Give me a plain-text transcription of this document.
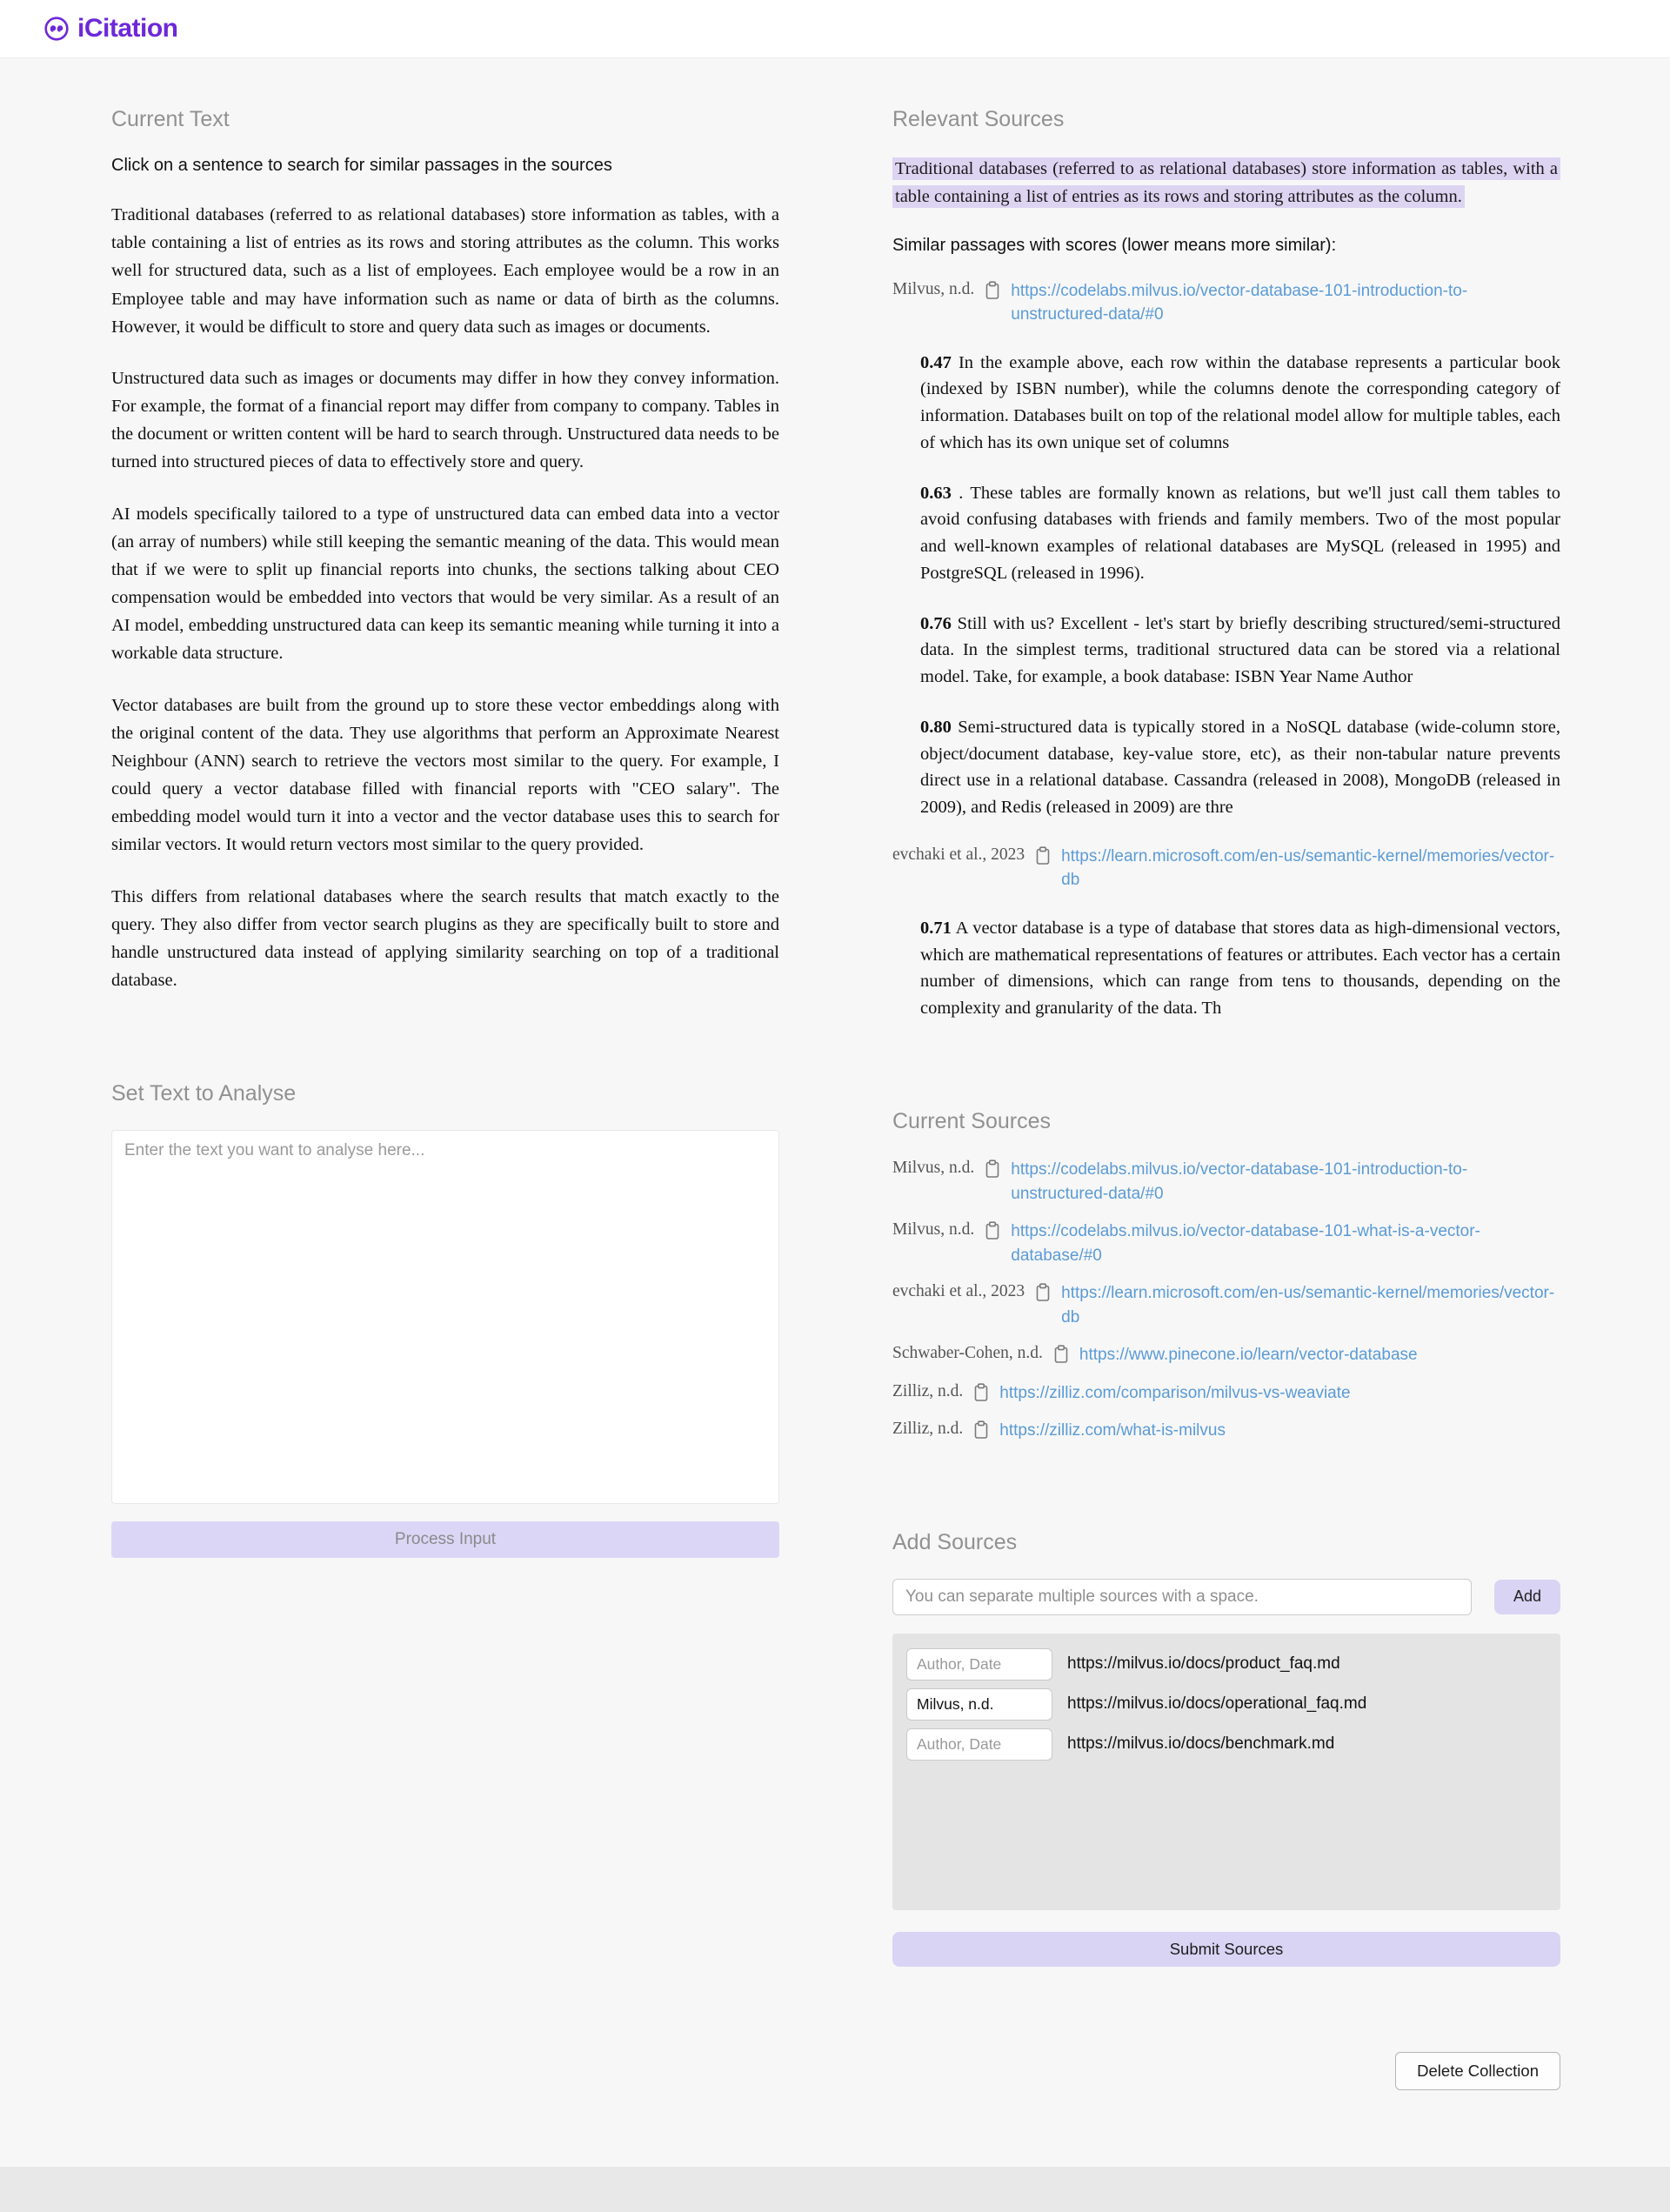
iCitation
Current Text

Click on a sentence to search for similar passages in the sources

Traditional databases (referred to as relational databases) store information as tables, with a table containing a list of entries as its rows and storing attributes as the column. This works well for structured data, such as a list of employees. Each employee would be a row in an Employee table and may have information such as name or data of birth as the columns. However, it would be difficult to store and query data such as images or documents.

Unstructured data such as images or documents may differ in how they convey information. For example, the format of a financial report may differ from company to company. Tables in the document or written content will be hard to search through. Unstructured data needs to be turned into structured pieces of data to effectively store and query.

AI models specifically tailored to a type of unstructured data can embed data into a vector (an array of numbers) while still keeping the semantic meaning of the data. This would mean that if we were to split up financial reports into chunks, the sections talking about CEO compensation would be embedded into vectors that would be very similar. As a result of an AI model, embedding unstructured data can keep its semantic meaning while turning it into a workable data structure.

Vector databases are built from the ground up to store these vector embeddings along with the original content of the data. They use algorithms that perform an Approximate Nearest Neighbour (ANN) search to retrieve the vectors most similar to the query. For example, I could query a vector database filled with financial reports with "CEO salary". The embedding model would turn it into a vector and the vector database uses this to search for similar vectors. It would return vectors most similar to the query provided.

This differs from relational databases where the search results that match exactly to the query. They also differ from vector search plugins as they are specifically built to store and handle unstructured data instead of applying similarity searching on top of a traditional database.

Set Text to Analyse
Enter the text you want to analyse here... Process Input
Relevant Sources

Traditional databases (referred to as relational databases) store information as tables, with a table containing a list of entries as its rows and storing attributes as the column.

Similar passages with scores (lower means more similar):

Milvus, n.d. https://codelabs.milvus.io/vector-database-101-introduction-to-unstructured-data/#0

0.47 In the example above, each row within the database represents a particular book (indexed by ISBN number), while the columns denote the corresponding category of information. Databases built on top of the relational model allow for multiple tables, each of which has its own unique set of columns

0.63 . These tables are formally known as relations, but we'll just call them tables to avoid confusing databases with friends and family members. Two of the most popular and well-known examples of relational databases are MySQL (released in 1995) and PostgreSQL (released in 1996).

0.76 Still with us? Excellent - let's start by briefly describing structured/semi-structured data. In the simplest terms, traditional structured data can be stored via a relational model. Take, for example, a book database: ISBN Year Name Author

0.80 Semi-structured data is typically stored in a NoSQL database (wide-column store, object/document database, key-value store, etc), as their non-tabular nature prevents direct use in a relational database. Cassandra (released in 2008), MongoDB (released in 2009), and Redis (released in 2009) are thre

evchaki et al., 2023 https://learn.microsoft.com/en-us/semantic-kernel/memories/vector-db

0.71 A vector database is a type of database that stores data as high-dimensional vectors, which are mathematical representations of features or attributes. Each vector has a certain number of dimensions, which can range from tens to thousands, depending on the complexity and granularity of the data. Th

Current Sources
Milvus, n.d. https://codelabs.milvus.io/vector-database-101-introduction-to-unstructured-data/#0
Milvus, n.d. https://codelabs.milvus.io/vector-database-101-what-is-a-vector-database/#0
evchaki et al., 2023 https://learn.microsoft.com/en-us/semantic-kernel/memories/vector-db
Schwaber-Cohen, n.d. https://www.pinecone.io/learn/vector-database
Zilliz, n.d. https://zilliz.com/comparison/milvus-vs-weaviate
Zilliz, n.d. https://zilliz.com/what-is-milvus
Add Sources
You can separate multiple sources with a space.
Add
Author, Date
https://milvus.io/docs/product_faq.md
Milvus, n.d.
https://milvus.io/docs/operational_faq.md
Author, Date
https://milvus.io/docs/benchmark.md
Submit Sources
Delete Collection
